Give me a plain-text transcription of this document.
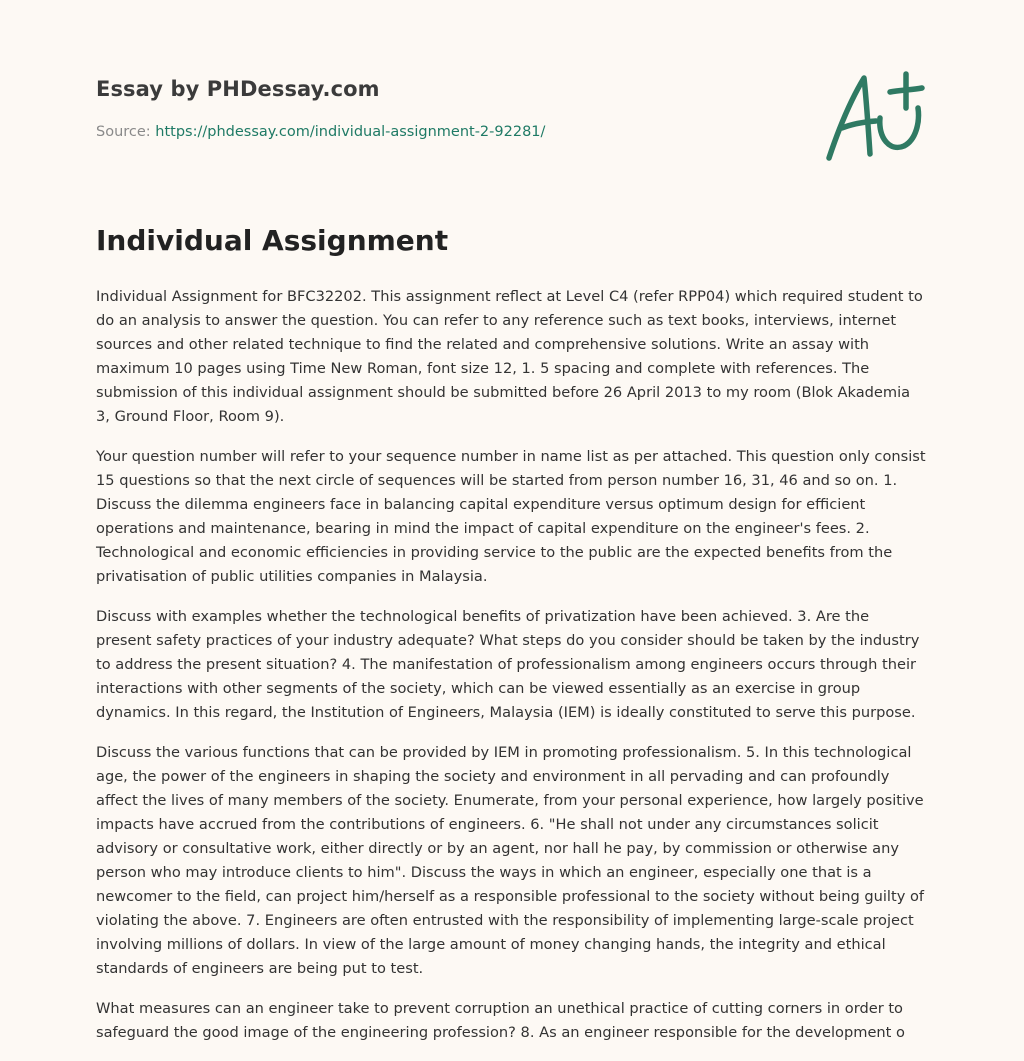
Essay by PHDessay.com
Source: https://phdessay.com/individual-assignment-2-92281/
Individual Assignment

Individual Assignment for BFC32202. This assignment reflect at Level C4 (refer RPP04) which required student to do an analysis to answer the question. You can refer to any reference such as text books, interviews, internet sources and other related technique to find the related and comprehensive solutions. Write an assay with maximum 10 pages using Time New Roman, font size 12, 1. 5 spacing and complete with references. The submission of this individual assignment should be submitted before 26 April 2013 to my room (Blok Akademia 3, Ground Floor, Room 9).

Your question number will refer to your sequence number in name list as per attached. This question only consist 15 questions so that the next circle of sequences will be started from person number 16, 31, 46 and so on. 1. Discuss the dilemma engineers face in balancing capital expenditure versus optimum design for efficient operations and maintenance, bearing in mind the impact of capital expenditure on the engineer's fees. 2. Technological and economic efficiencies in providing service to the public are the expected benefits from the privatisation of public utilities companies in Malaysia.

Discuss with examples whether the technological benefits of privatization have been achieved. 3. Are the present safety practices of your industry adequate? What steps do you consider should be taken by the industry to address the present situation? 4. The manifestation of professionalism among engineers occurs through their interactions with other segments of the society, which can be viewed essentially as an exercise in group dynamics. In this regard, the Institution of Engineers, Malaysia (IEM) is ideally constituted to serve this purpose.

Discuss the various functions that can be provided by IEM in promoting professionalism. 5. In this technological age, the power of the engineers in shaping the society and environment in all pervading and can profoundly affect the lives of many members of the society. Enumerate, from your personal experience, how largely positive impacts have accrued from the contributions of engineers. 6. "He shall not under any circumstances solicit advisory or consultative work, either directly or by an agent, nor hall he pay, by commission or otherwise any person who may introduce clients to him". Discuss the ways in which an engineer, especially one that is a newcomer to the field, can project him/herself as a responsible professional to the society without being guilty of violating the above. 7. Engineers are often entrusted with the responsibility of implementing large-scale project involving millions of dollars. In view of the large amount of money changing hands, the integrity and ethical standards of engineers are being put to test.

What measures can an engineer take to prevent corruption an unethical practice of cutting corners in order to safeguard the good image of the engineering profession? 8. As an engineer responsible for the development o
